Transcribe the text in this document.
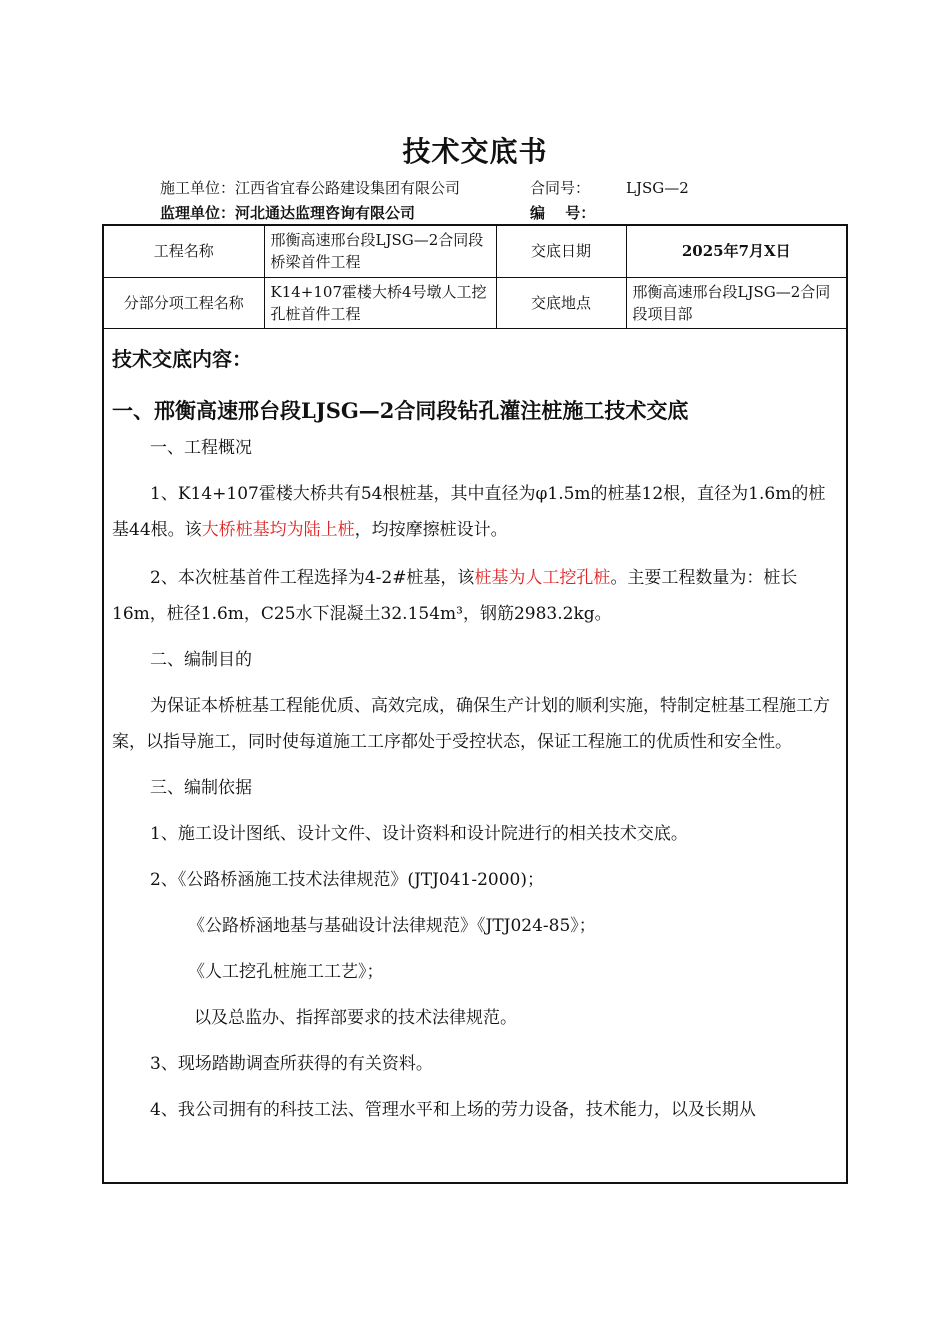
技术交底书
施工单位：江西省宜春公路建设集团有限公司	合同号： LJSG—2
监理单位：河北通达监理咨询有限公司	编　 号：
工程名称	邢衡高速邢台段LJSG—2合同段桥梁首件工程	交底日期	2025年7月X日
分部分项工程名称	K14+107霍楼大桥4号墩人工挖孔桩首件工程	交底地点	邢衡高速邢台段LJSG—2合同段项目部

技术交底内容：

一、邢衡高速邢台段LJSG—2合同段钻孔灌注桩施工技术交底

一、工程概况

1、K14+107霍楼大桥共有54根桩基，其中直径为φ1.5m的桩基12根，直径为1.6m的桩基44根。该大桥桩基均为陆上桩，均按摩擦桩设计。

2、本次桩基首件工程选择为4-2#桩基，该桩基为人工挖孔桩。主要工程数量为：桩长16m，桩径1.6m，C25水下混凝土32.154m³，钢筋2983.2kg。

二、编制目的

为保证本桥桩基工程能优质、高效完成，确保生产计划的顺利实施，特制定桩基工程施工方案，以指导施工，同时使每道施工工序都处于受控状态，保证工程施工的优质性和安全性。

三、编制依据

1、施工设计图纸、设计文件、设计资料和设计院进行的相关技术交底。

2、《公路桥涵施工技术法律规范》(JTJ041-2000)；

《公路桥涵地基与基础设计法律规范》《JTJ024-85》；

《人工挖孔桩施工工艺》；

以及总监办、指挥部要求的技术法律规范。

3、现场踏勘调查所获得的有关资料。

4、我公司拥有的科技工法、管理水平和上场的劳力设备，技术能力，以及长期从
